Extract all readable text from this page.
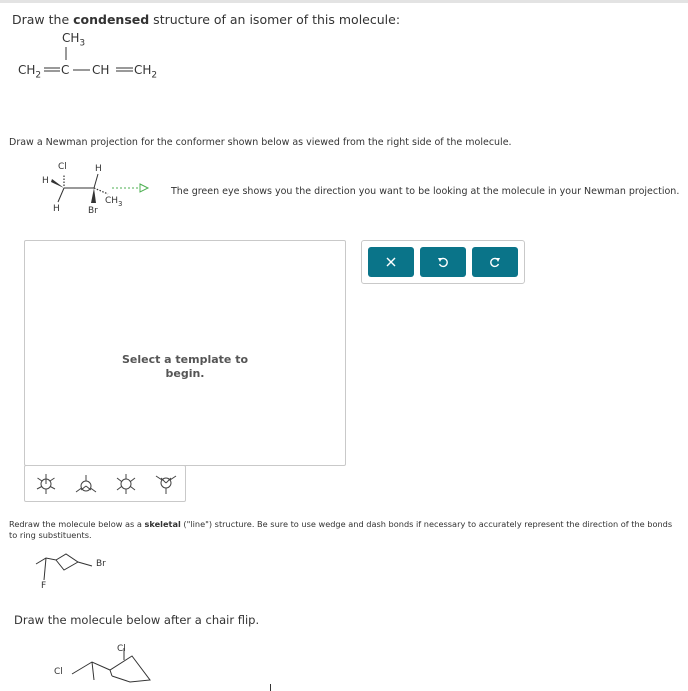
Draw the condensed structure of an isomer of this molecule:
$CH_3$
$CH_2$ C CH $CH_2$
Draw a Newman projection for the conformer shown below as viewed from the right side of the molecule.
Cl
H
H
H
$CH_3$
Br
The green eye shows you the direction you want to be looking at the molecule in your Newman projection.
Select a template to
begin.
Redraw the molecule below as a skeletal ("line") structure. Be sure to use wedge and dash bonds if necessary to accurately represent the direction of the bonds to ring substituents.
Br
F
Draw the molecule below after a chair flip.
Cl
Cl
